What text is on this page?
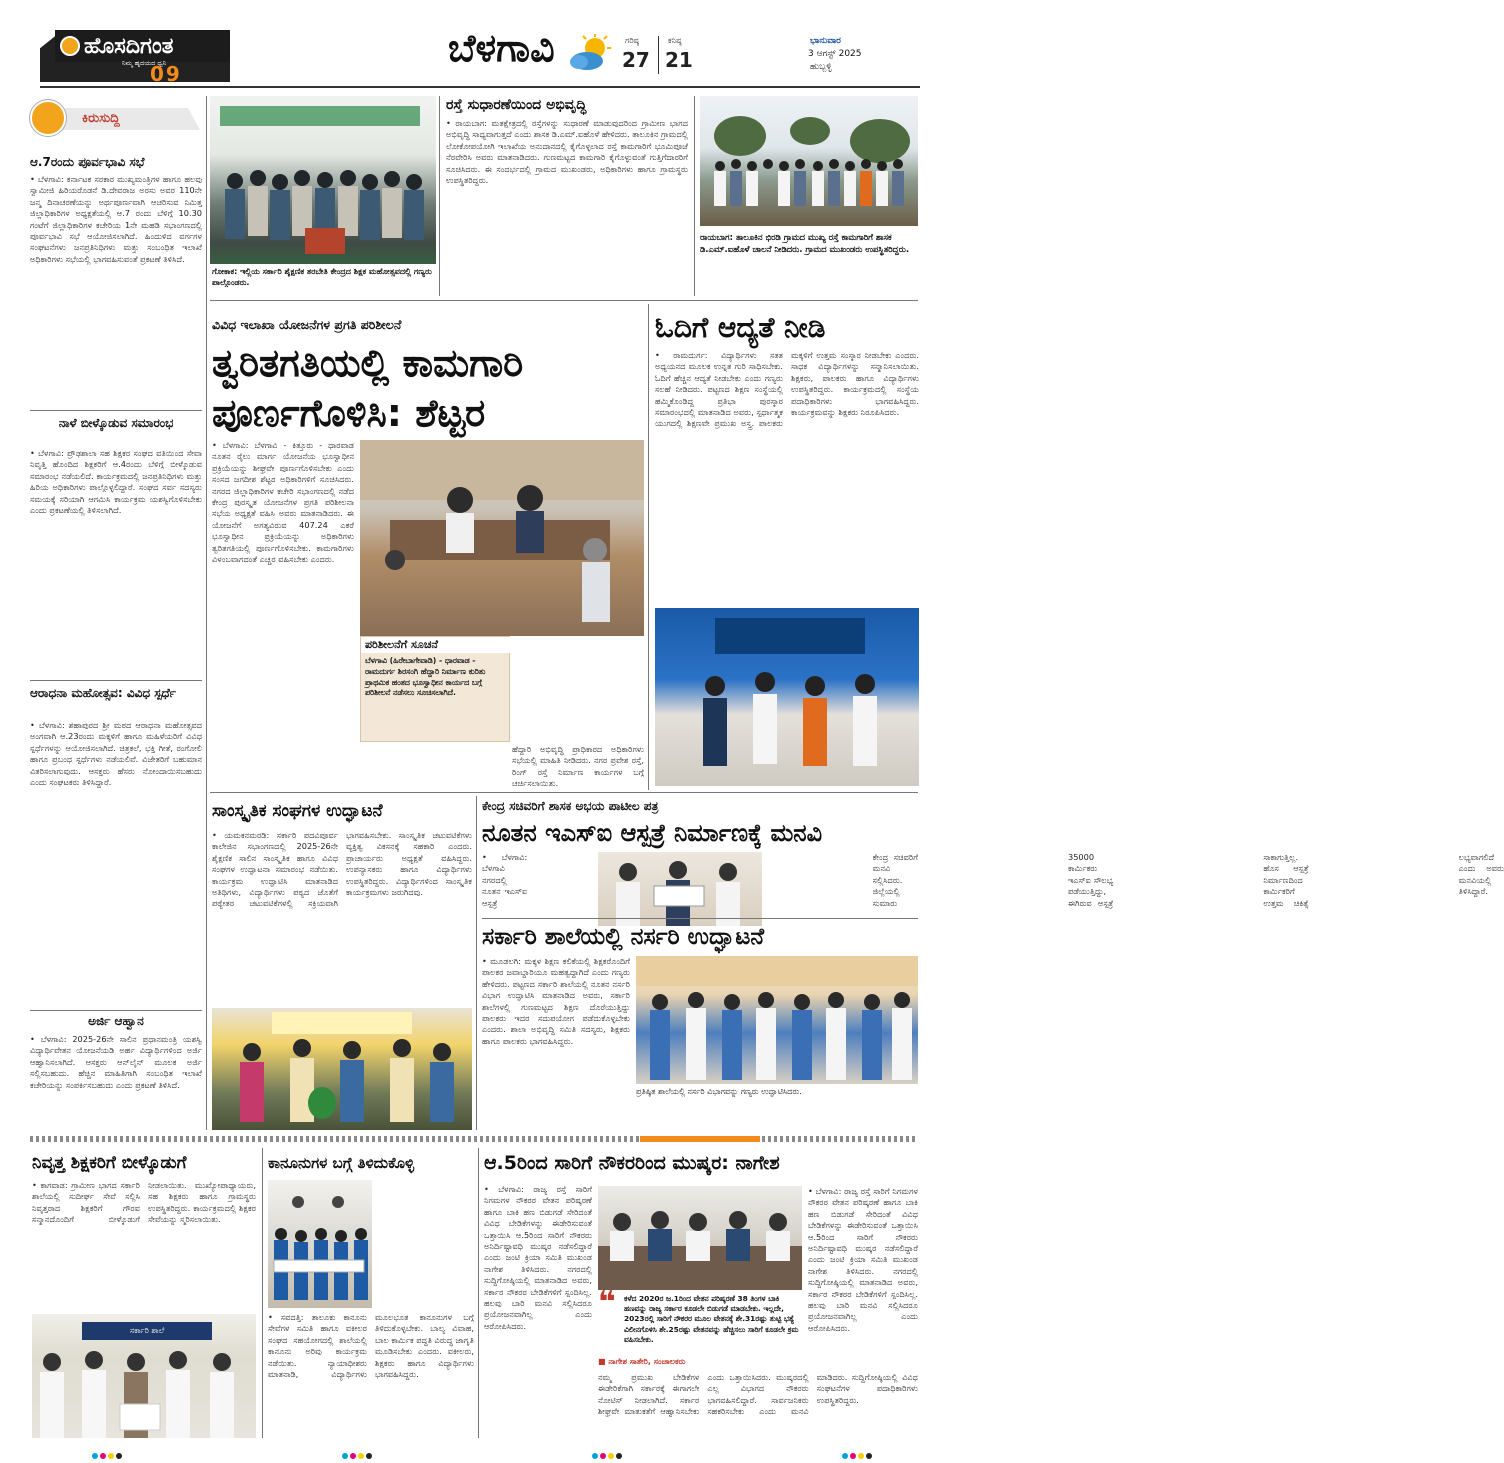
ಹೊಸದಿಗಂತ
ನಿಮ್ಮ ಹೃದಯದ ಧ್ವನಿ
09
ಬೆಳಗಾವಿ	ಗರಿಷ್ಠ
27
ಕನಿಷ್ಠ
21
ಭಾನುವಾರ
3 ಆಗಸ್ಟ್ 2025
ಹುಬ್ಬಳ್ಳಿ
ಕಿರುಸುದ್ದಿ
ಆ.7ರಂದು ಪೂರ್ವಭಾವಿ ಸಭೆ

• ಬೆಳಗಾವಿ: ಕರ್ನಾಟಕ ಸರಕಾರ ಮುಖ್ಯಮಂತ್ರಿಗಳ ಹಾಗೂ ಹಲವು ಸ್ವಾಮೀಜಿ ಹಿರಿಯರೊಡನೆ ಡಿ.ದೇವರಾಜ ಅರಸು ಅವರ 110ನೇ ಜನ್ಮ ದಿನಾಚರಣೆಯನ್ನು ಅರ್ಥಪೂರ್ಣವಾಗಿ ಆಚರಿಸುವ ನಿಮಿತ್ತ ಜಿಲ್ಲಾಧಿಕಾರಿಗಳ ಅಧ್ಯಕ್ಷತೆಯಲ್ಲಿ ಆ.7 ರಂದು ಬೆಳಿಗ್ಗೆ 10.30 ಗಂಟೆಗೆ ಜಿಲ್ಲಾಧಿಕಾರಿಗಳ ಕಚೇರಿಯ 1ನೇ ಮಹಡಿ ಸಭಾಂಗಣದಲ್ಲಿ ಪೂರ್ವಭಾವಿ ಸಭೆ ಆಯೋಜಿಸಲಾಗಿದೆ. ಹಿಂದುಳಿದ ವರ್ಗಗಳ ಸಂಘಟನೆಗಳು ಜನಪ್ರತಿನಿಧಿಗಳು ಮತ್ತು ಸಂಬಂಧಿತ ಇಲಾಖೆ ಅಧಿಕಾರಿಗಳು ಸಭೆಯಲ್ಲಿ ಭಾಗವಹಿಸುವಂತೆ ಪ್ರಕಟಣೆ ತಿಳಿಸಿದೆ.

ನಾಳೆ ಬೀಳ್ಕೊಡುವ ಸಮಾರಂಭ

• ಬೆಳಗಾವಿ: ಪ್ರೌಢಶಾಲಾ ಸಹ ಶಿಕ್ಷಕರ ಸಂಘದ ವತಿಯಿಂದ ಸೇವಾ ನಿವೃತ್ತಿ ಹೊಂದಿದ ಶಿಕ್ಷಕರಿಗೆ ಆ.4ರಂದು ಬೆಳಿಗ್ಗೆ ಬೀಳ್ಕೊಡುವ ಸಮಾರಂಭ ನಡೆಯಲಿದೆ. ಕಾರ್ಯಕ್ರಮದಲ್ಲಿ ಜನಪ್ರತಿನಿಧಿಗಳು ಮತ್ತು ಹಿರಿಯ ಅಧಿಕಾರಿಗಳು ಪಾಲ್ಗೊಳ್ಳಲಿದ್ದಾರೆ. ಸಂಘದ ಸರ್ವ ಸದಸ್ಯರು ಸಮಯಕ್ಕೆ ಸರಿಯಾಗಿ ಆಗಮಿಸಿ ಕಾರ್ಯಕ್ರಮ ಯಶಸ್ವಿಗೊಳಿಸಬೇಕು ಎಂದು ಪ್ರಕಟಣೆಯಲ್ಲಿ ತಿಳಿಸಲಾಗಿದೆ.

ಆರಾಧನಾ ಮಹೋತ್ಸವ: ವಿವಿಧ ಸ್ಪರ್ಧೆ

• ಬೆಳಗಾವಿ: ಶಹಾಪುರದ ಶ್ರೀ ಮಠದ ಆರಾಧನಾ ಮಹೋತ್ಸವದ ಅಂಗವಾಗಿ ಆ.23ರಂದು ಮಕ್ಕಳಿಗೆ ಹಾಗೂ ಮಹಿಳೆಯರಿಗೆ ವಿವಿಧ ಸ್ಪರ್ಧೆಗಳನ್ನು ಆಯೋಜಿಸಲಾಗಿದೆ. ಚಿತ್ರಕಲೆ, ಭಕ್ತಿ ಗೀತೆ, ರಂಗೋಲಿ ಹಾಗೂ ಪ್ರಬಂಧ ಸ್ಪರ್ಧೆಗಳು ನಡೆಯಲಿವೆ. ವಿಜೇತರಿಗೆ ಬಹುಮಾನ ವಿತರಿಸಲಾಗುವುದು. ಆಸಕ್ತರು ಹೆಸರು ನೋಂದಾಯಿಸಬಹುದು ಎಂದು ಸಂಘಟಕರು ತಿಳಿಸಿದ್ದಾರೆ.

ಅರ್ಜಿ ಆಹ್ವಾನ

• ಬೆಳಗಾವಿ: 2025-26ನೇ ಸಾಲಿನ ಪ್ರಧಾನಮಂತ್ರಿ ಯಶಸ್ವಿ ವಿದ್ಯಾರ್ಥಿವೇತನ ಯೋಜನೆಯಡಿ ಅರ್ಹ ವಿದ್ಯಾರ್ಥಿಗಳಿಂದ ಅರ್ಜಿ ಆಹ್ವಾನಿಸಲಾಗಿದೆ. ಆಸಕ್ತರು ಆನ್‌ಲೈನ್ ಮೂಲಕ ಅರ್ಜಿ ಸಲ್ಲಿಸಬಹುದು. ಹೆಚ್ಚಿನ ಮಾಹಿತಿಗಾಗಿ ಸಂಬಂಧಿತ ಇಲಾಖೆ ಕಚೇರಿಯನ್ನು ಸಂಪರ್ಕಿಸಬಹುದು ಎಂದು ಪ್ರಕಟಣೆ ತಿಳಿಸಿದೆ.

ಗೋಕಾಕ: ಇಲ್ಲಿಯ ಸರ್ಕಾರಿ ಶೈಕ್ಷಣಿಕ ತರಬೇತಿ ಕೇಂದ್ರದ ಶಿಕ್ಷಕ ಮಹೋತ್ಸವದಲ್ಲಿ ಗಣ್ಯರು ಪಾಲ್ಗೊಂಡರು.
ರಸ್ತೆ ಸುಧಾರಣೆಯಿಂದ ಅಭಿವೃದ್ಧಿ

• ರಾಯಬಾಗ: ಮತಕ್ಷೇತ್ರದಲ್ಲಿ ರಸ್ತೆಗಳನ್ನು ಸುಧಾರಣೆ ಮಾಡುವುದರಿಂದ ಗ್ರಾಮೀಣ ಭಾಗದ ಅಭಿವೃದ್ಧಿ ಸಾಧ್ಯವಾಗುತ್ತದೆ ಎಂದು ಶಾಸಕ ಡಿ.ಎಮ್.ಐಹೊಳೆ ಹೇಳಿದರು. ತಾಲೂಕಿನ ಗ್ರಾಮದಲ್ಲಿ ಲೋಕೋಪಯೋಗಿ ಇಲಾಖೆಯ ಅನುದಾನದಲ್ಲಿ ಕೈಗೊಳ್ಳಲಾದ ರಸ್ತೆ ಕಾಮಗಾರಿಗೆ ಭೂಮಿಪೂಜೆ ನೆರವೇರಿಸಿ ಅವರು ಮಾತನಾಡಿದರು. ಗುಣಮಟ್ಟದ ಕಾಮಗಾರಿ ಕೈಗೊಳ್ಳುವಂತೆ ಗುತ್ತಿಗೆದಾರರಿಗೆ ಸೂಚಿಸಿದರು. ಈ ಸಂದರ್ಭದಲ್ಲಿ ಗ್ರಾಮದ ಮುಖಂಡರು, ಅಧಿಕಾರಿಗಳು ಹಾಗೂ ಗ್ರಾಮಸ್ಥರು ಉಪಸ್ಥಿತರಿದ್ದರು.

ರಾಯಬಾಗ: ತಾಲೂಕಿನ ಭಿರಡಿ ಗ್ರಾಮದ ಮುಖ್ಯ ರಸ್ತೆ ಕಾಮಗಾರಿಗೆ ಶಾಸಕ ಡಿ.ಎಮ್.ಐಹೊಳೆ ಚಾಲನೆ ನೀಡಿದರು. ಗ್ರಾಮದ ಮುಖಂಡರು ಉಪಸ್ಥಿತರಿದ್ದರು.
ವಿವಿಧ ಇಲಾಖಾ ಯೋಜನೆಗಳ ಪ್ರಗತಿ ಪರಿಶೀಲನೆ
ತ್ವರಿತಗತಿಯಲ್ಲಿ ಕಾಮಗಾರಿ
ಪೂರ್ಣಗೊಳಿಸಿ: ಶೆಟ್ಟರ

• ಬೆಳಗಾವಿ: ಬೆಳಗಾವಿ - ಕಿತ್ತೂರು - ಧಾರವಾಡ ನೂತನ ರೈಲು ಮಾರ್ಗ ಯೋಜನೆಯ ಭೂಸ್ವಾಧೀನ ಪ್ರಕ್ರಿಯೆಯನ್ನು ಶೀಘ್ರವೇ ಪೂರ್ಣಗೊಳಿಸಬೇಕು ಎಂದು ಸಂಸದ ಜಗದೀಶ ಶೆಟ್ಟರ ಅಧಿಕಾರಿಗಳಿಗೆ ಸೂಚಿಸಿದರು. ನಗರದ ಜಿಲ್ಲಾಧಿಕಾರಿಗಳ ಕಚೇರಿ ಸಭಾಂಗಣದಲ್ಲಿ ನಡೆದ ಕೇಂದ್ರ ಪುರಸ್ಕೃತ ಯೋಜನೆಗಳ ಪ್ರಗತಿ ಪರಿಶೀಲನಾ ಸಭೆಯ ಅಧ್ಯಕ್ಷತೆ ವಹಿಸಿ ಅವರು ಮಾತನಾಡಿದರು. ಈ ಯೋಜನೆಗೆ ಅಗತ್ಯವಿರುವ 407.24 ಎಕರೆ ಭೂಸ್ವಾಧೀನ ಪ್ರಕ್ರಿಯೆಯನ್ನು ಅಧಿಕಾರಿಗಳು ತ್ವರಿತಗತಿಯಲ್ಲಿ ಪೂರ್ಣಗೊಳಿಸಬೇಕು. ಕಾಮಗಾರಿಗಳು ವಿಳಂಬವಾಗದಂತೆ ಎಚ್ಚರ ವಹಿಸಬೇಕು ಎಂದರು.

ಪರಿಶೀಲನೆಗೆ ಸೂಚನೆ
ಬೆಳಗಾವಿ (ಹಿರೇಬಾಗೇವಾಡಿ) - ಧಾರವಾಡ - ರಾಮದುರ್ಗ ಶಿರಸಂಗಿ ಹೆದ್ದಾರಿ ನಿರ್ಮಾಣ ಕುರಿತು ಪ್ರಾಥಮಿಕ ಹಂತದ ಭೂಸ್ವಾಧೀನ ಕಾರ್ಯದ ಬಗ್ಗೆ ಪರಿಶೀಲನೆ ನಡೆಸಲು ಸೂಚಿಸಲಾಗಿದೆ.

ಹೆದ್ದಾರಿ ಅಭಿವೃದ್ಧಿ ಪ್ರಾಧಿಕಾರದ ಅಧಿಕಾರಿಗಳು ಸಭೆಯಲ್ಲಿ ಮಾಹಿತಿ ನೀಡಿದರು. ನಗರ ಪ್ರವೇಶ ರಸ್ತೆ, ರಿಂಗ್ ರಸ್ತೆ ನಿರ್ಮಾಣ ಕಾರ್ಯಗಳ ಬಗ್ಗೆ ಚರ್ಚಿಸಲಾಯಿತು.

ಓದಿಗೆ ಆದ್ಯತೆ ನೀಡಿ

• ರಾಮದುರ್ಗ: ವಿದ್ಯಾರ್ಥಿಗಳು ಸತತ ಅಧ್ಯಯನದ ಮೂಲಕ ಉನ್ನತ ಗುರಿ ಸಾಧಿಸಬೇಕು. ಓದಿಗೆ ಹೆಚ್ಚಿನ ಆದ್ಯತೆ ನೀಡಬೇಕು ಎಂದು ಗಣ್ಯರು ಸಲಹೆ ನೀಡಿದರು. ಪಟ್ಟಣದ ಶಿಕ್ಷಣ ಸಂಸ್ಥೆಯಲ್ಲಿ ಹಮ್ಮಿಕೊಂಡಿದ್ದ ಪ್ರತಿಭಾ ಪುರಸ್ಕಾರ ಸಮಾರಂಭದಲ್ಲಿ ಮಾತನಾಡಿದ ಅವರು, ಸ್ಪರ್ಧಾತ್ಮಕ ಯುಗದಲ್ಲಿ ಶಿಕ್ಷಣವೇ ಪ್ರಮುಖ ಅಸ್ತ್ರ. ಪಾಲಕರು ಮಕ್ಕಳಿಗೆ ಉತ್ತಮ ಸಂಸ್ಕಾರ ನೀಡಬೇಕು ಎಂದರು. ಸಾಧಕ ವಿದ್ಯಾರ್ಥಿಗಳನ್ನು ಸನ್ಮಾನಿಸಲಾಯಿತು. ಶಿಕ್ಷಕರು, ಪಾಲಕರು ಹಾಗೂ ವಿದ್ಯಾರ್ಥಿಗಳು ಉಪಸ್ಥಿತರಿದ್ದರು. ಕಾರ್ಯಕ್ರಮದಲ್ಲಿ ಸಂಸ್ಥೆಯ ಪದಾಧಿಕಾರಿಗಳು ಭಾಗವಹಿಸಿದ್ದರು. ಕಾರ್ಯಕ್ರಮವನ್ನು ಶಿಕ್ಷಕರು ನಿರೂಪಿಸಿದರು.

ಸಾಂಸ್ಕೃತಿಕ ಸಂಘಗಳ ಉದ್ಘಾಟನೆ

• ಯಮಕನಮರಡಿ: ಸರ್ಕಾರಿ ಪದವಿಪೂರ್ವ ಕಾಲೇಜಿನ ಸಭಾಂಗಣದಲ್ಲಿ 2025-26ನೇ ಶೈಕ್ಷಣಿಕ ಸಾಲಿನ ಸಾಂಸ್ಕೃತಿಕ ಹಾಗೂ ವಿವಿಧ ಸಂಘಗಳ ಉದ್ಘಾಟನಾ ಸಮಾರಂಭ ನಡೆಯಿತು. ಕಾರ್ಯಕ್ರಮ ಉದ್ಘಾಟಿಸಿ ಮಾತನಾಡಿದ ಅತಿಥಿಗಳು, ವಿದ್ಯಾರ್ಥಿಗಳು ಪಠ್ಯದ ಜೊತೆಗೆ ಪಠ್ಯೇತರ ಚಟುವಟಿಕೆಗಳಲ್ಲಿ ಸಕ್ರಿಯವಾಗಿ ಭಾಗವಹಿಸಬೇಕು. ಸಾಂಸ್ಕೃತಿಕ ಚಟುವಟಿಕೆಗಳು ವ್ಯಕ್ತಿತ್ವ ವಿಕಸನಕ್ಕೆ ಸಹಕಾರಿ ಎಂದರು. ಪ್ರಾಚಾರ್ಯರು ಅಧ್ಯಕ್ಷತೆ ವಹಿಸಿದ್ದರು. ಉಪನ್ಯಾಸಕರು ಹಾಗೂ ವಿದ್ಯಾರ್ಥಿಗಳು ಉಪಸ್ಥಿತರಿದ್ದರು. ವಿದ್ಯಾರ್ಥಿಗಳಿಂದ ಸಾಂಸ್ಕೃತಿಕ ಕಾರ್ಯಕ್ರಮಗಳು ಜರುಗಿದವು.

ಕೇಂದ್ರ ಸಚಿವರಿಗೆ ಶಾಸಕ ಅಭಯ ಪಾಟೀಲ ಪತ್ರ
ನೂತನ ಇಎಸ್‌ಐ ಆಸ್ಪತ್ರೆ ನಿರ್ಮಾಣಕ್ಕೆ ಮನವಿ

• ಬೆಳಗಾವಿ: ಬೆಳಗಾವಿ ನಗರದಲ್ಲಿ ನೂತನ ಇಎಸ್‌ಐ ಆಸ್ಪತ್ರೆ ಕೇಂದ್ರ ಸಚಿವರಿಗೆ ಮನವಿ ಸಲ್ಲಿಸಿದರು. ಜಿಲ್ಲೆಯಲ್ಲಿ ಸುಮಾರು 35000 ಕಾರ್ಮಿಕರು ಇಎಸ್‌ಐ ಸೌಲಭ್ಯ ಪಡೆಯುತ್ತಿದ್ದು, ಈಗಿರುವ ಆಸ್ಪತ್ರೆ ಸಾಕಾಗುತ್ತಿಲ್ಲ. ಹೊಸ ಆಸ್ಪತ್ರೆ ನಿರ್ಮಾಣದಿಂದ ಕಾರ್ಮಿಕರಿಗೆ ಉತ್ತಮ ಚಿಕಿತ್ಸೆ ಲಭ್ಯವಾಗಲಿದೆ ಎಂದು ಅವರು ಮನವಿಯಲ್ಲಿ ತಿಳಿಸಿದ್ದಾರೆ.

ಸರ್ಕಾರಿ ಶಾಲೆಯಲ್ಲಿ ನರ್ಸರಿ ಉದ್ಘಾಟನೆ

• ಮೂಡಲಗಿ: ಮಕ್ಕಳ ಶಿಕ್ಷಣ ಕಲಿಕೆಯಲ್ಲಿ ಶಿಕ್ಷಕರೊಂದಿಗೆ ಪಾಲಕರ ಜವಾಬ್ದಾರಿಯೂ ಮಹತ್ವದ್ದಾಗಿದೆ ಎಂದು ಗಣ್ಯರು ಹೇಳಿದರು. ಪಟ್ಟಣದ ಸರ್ಕಾರಿ ಶಾಲೆಯಲ್ಲಿ ನೂತನ ನರ್ಸರಿ ವಿಭಾಗ ಉದ್ಘಾಟಿಸಿ ಮಾತನಾಡಿದ ಅವರು, ಸರ್ಕಾರಿ ಶಾಲೆಗಳಲ್ಲಿ ಗುಣಮಟ್ಟದ ಶಿಕ್ಷಣ ದೊರೆಯುತ್ತಿದ್ದು ಪಾಲಕರು ಇದರ ಸದುಪಯೋಗ ಪಡೆದುಕೊಳ್ಳಬೇಕು ಎಂದರು. ಶಾಲಾ ಅಭಿವೃದ್ಧಿ ಸಮಿತಿ ಸದಸ್ಯರು, ಶಿಕ್ಷಕರು ಹಾಗೂ ಪಾಲಕರು ಭಾಗವಹಿಸಿದ್ದರು.

ಪ್ರತಿಷ್ಠಿತ ಶಾಲೆಯಲ್ಲಿ ನರ್ಸರಿ ವಿಭಾಗವನ್ನು ಗಣ್ಯರು ಉದ್ಘಾಟಿಸಿದರು.
ನಿವೃತ್ತ ಶಿಕ್ಷಕರಿಗೆ ಬೀಳ್ಕೊಡುಗೆ

• ಕಾಗವಾಡ: ಗ್ರಾಮೀಣ ಭಾಗದ ಸರ್ಕಾರಿ ಶಾಲೆಯಲ್ಲಿ ಸುದೀರ್ಘ ಸೇವೆ ಸಲ್ಲಿಸಿ ನಿವೃತ್ತರಾದ ಶಿಕ್ಷಕರಿಗೆ ಗೌರವ ಸನ್ಮಾನದೊಂದಿಗೆ ಬೀಳ್ಕೊಡುಗೆ ನೀಡಲಾಯಿತು. ಮುಖ್ಯೋಪಾಧ್ಯಾಯರು, ಸಹ ಶಿಕ್ಷಕರು ಹಾಗೂ ಗ್ರಾಮಸ್ಥರು ಉಪಸ್ಥಿತರಿದ್ದರು. ಕಾರ್ಯಕ್ರಮದಲ್ಲಿ ಶಿಕ್ಷಕರ ಸೇವೆಯನ್ನು ಸ್ಮರಿಸಲಾಯಿತು.

ಸರ್ಕಾರಿ ಶಾಲೆ
ಕಾನೂನುಗಳ ಬಗ್ಗೆ ತಿಳಿದುಕೊಳ್ಳಿ

• ಸವದತ್ತಿ: ತಾಲೂಕು ಕಾನೂನು ಸೇವೆಗಳ ಸಮಿತಿ ಹಾಗೂ ವಕೀಲರ ಸಂಘದ ಸಹಯೋಗದಲ್ಲಿ ಶಾಲೆಯಲ್ಲಿ ಕಾನೂನು ಅರಿವು ಕಾರ್ಯಕ್ರಮ ನಡೆಯಿತು. ನ್ಯಾಯಾಧೀಶರು ಮಾತನಾಡಿ, ವಿದ್ಯಾರ್ಥಿಗಳು ಮೂಲಭೂತ ಕಾನೂನುಗಳ ಬಗ್ಗೆ ತಿಳಿದುಕೊಳ್ಳಬೇಕು. ಬಾಲ್ಯ ವಿವಾಹ, ಬಾಲ ಕಾರ್ಮಿಕ ಪದ್ಧತಿ ವಿರುದ್ಧ ಜಾಗೃತಿ ಮೂಡಿಸಬೇಕು ಎಂದರು. ವಕೀಲರು, ಶಿಕ್ಷಕರು ಹಾಗೂ ವಿದ್ಯಾರ್ಥಿಗಳು ಭಾಗವಹಿಸಿದ್ದರು.

ಆ.5ರಿಂದ ಸಾರಿಗೆ ನೌಕರರಿಂದ ಮುಷ್ಕರ: ನಾಗೇಶ

• ಬೆಳಗಾವಿ: ರಾಜ್ಯ ರಸ್ತೆ ಸಾರಿಗೆ ನಿಗಮಗಳ ನೌಕರರ ವೇತನ ಪರಿಷ್ಕರಣೆ ಹಾಗೂ ಬಾಕಿ ಹಣ ಬಿಡುಗಡೆ ಸೇರಿದಂತೆ ವಿವಿಧ ಬೇಡಿಕೆಗಳನ್ನು ಈಡೇರಿಸುವಂತೆ ಒತ್ತಾಯಿಸಿ ಆ.5ರಿಂದ ಸಾರಿಗೆ ನೌಕರರು ಅನಿರ್ದಿಷ್ಟಾವಧಿ ಮುಷ್ಕರ ನಡೆಸಲಿದ್ದಾರೆ ಎಂದು ಜಂಟಿ ಕ್ರಿಯಾ ಸಮಿತಿ ಮುಖಂಡ ನಾಗೇಶ ತಿಳಿಸಿದರು. ನಗರದಲ್ಲಿ ಸುದ್ದಿಗೋಷ್ಠಿಯಲ್ಲಿ ಮಾತನಾಡಿದ ಅವರು, ಸರ್ಕಾರ ನೌಕರರ ಬೇಡಿಕೆಗಳಿಗೆ ಸ್ಪಂದಿಸಿಲ್ಲ. ಹಲವು ಬಾರಿ ಮನವಿ ಸಲ್ಲಿಸಿದರೂ ಪ್ರಯೋಜನವಾಗಿಲ್ಲ ಎಂದು ಆರೋಪಿಸಿದರು.

❝ ಕಳೆದ 2020ರ ಜ.1ರಿಂದ ವೇತನ ಪರಿಷ್ಕರಣೆ 38 ತಿಂಗಳ ಬಾಕಿ ಹಣವನ್ನು ರಾಜ್ಯ ಸರ್ಕಾರ ಕೂಡಲೇ ಬಿಡುಗಡೆ ಮಾಡಬೇಕು. ಇಲ್ಲದೇ, 2023ರಲ್ಲಿ ಸಾರಿಗೆ ನೌಕರರ ಮೂಲ ವೇತನಕ್ಕೆ ಶೇ.31ರಷ್ಟು ತುಟ್ಟಿ ಭತ್ಯೆ ವಿಲೀನಗೊಳಿಸಿ ಶೇ.25ರಷ್ಟು ವೇತನವನ್ನು ಹೆಚ್ಚಿಸಲು ಸಾರಿಗೆ ಕೂಡಲೇ ಕ್ರಮ ವಹಿಸಬೇಕು.
■ ನಾಗೇಶ ಸಾತೇರಿ, ಸಂಚಾಲಕರು

ನಮ್ಮ ಪ್ರಮುಖ ಬೇಡಿಕೆಗಳ ಈಡೇರಿಕೆಗಾಗಿ ಸರ್ಕಾರಕ್ಕೆ ಈಗಾಗಲೇ ನೋಟಿಸ್ ನೀಡಲಾಗಿದೆ. ಸರ್ಕಾರ ಶೀಘ್ರವೇ ಮಾತುಕತೆಗೆ ಆಹ್ವಾನಿಸಬೇಕು ಎಂದು ಒತ್ತಾಯಿಸಿದರು. ಮುಷ್ಕರದಲ್ಲಿ ಎಲ್ಲ ವಿಭಾಗದ ನೌಕರರು ಭಾಗವಹಿಸಲಿದ್ದಾರೆ. ಸಾರ್ವಜನಿಕರು ಸಹಕರಿಸಬೇಕು ಎಂದು ಮನವಿ ಮಾಡಿದರು. ಸುದ್ದಿಗೋಷ್ಠಿಯಲ್ಲಿ ವಿವಿಧ ಸಂಘಟನೆಗಳ ಪದಾಧಿಕಾರಿಗಳು ಉಪಸ್ಥಿತರಿದ್ದರು.

• ಬೆಳಗಾವಿ: ರಾಜ್ಯ ರಸ್ತೆ ಸಾರಿಗೆ ನಿಗಮಗಳ ನೌಕರರ ವೇತನ ಪರಿಷ್ಕರಣೆ ಹಾಗೂ ಬಾಕಿ ಹಣ ಬಿಡುಗಡೆ ಸೇರಿದಂತೆ ವಿವಿಧ ಬೇಡಿಕೆಗಳನ್ನು ಈಡೇರಿಸುವಂತೆ ಒತ್ತಾಯಿಸಿ ಆ.5ರಿಂದ ಸಾರಿಗೆ ನೌಕರರು ಅನಿರ್ದಿಷ್ಟಾವಧಿ ಮುಷ್ಕರ ನಡೆಸಲಿದ್ದಾರೆ ಎಂದು ಜಂಟಿ ಕ್ರಿಯಾ ಸಮಿತಿ ಮುಖಂಡ ನಾಗೇಶ ತಿಳಿಸಿದರು. ನಗರದಲ್ಲಿ ಸುದ್ದಿಗೋಷ್ಠಿಯಲ್ಲಿ ಮಾತನಾಡಿದ ಅವರು, ಸರ್ಕಾರ ನೌಕರರ ಬೇಡಿಕೆಗಳಿಗೆ ಸ್ಪಂದಿಸಿಲ್ಲ. ಹಲವು ಬಾರಿ ಮನವಿ ಸಲ್ಲಿಸಿದರೂ ಪ್ರಯೋಜನವಾಗಿಲ್ಲ ಎಂದು ಆರೋಪಿಸಿದರು.
